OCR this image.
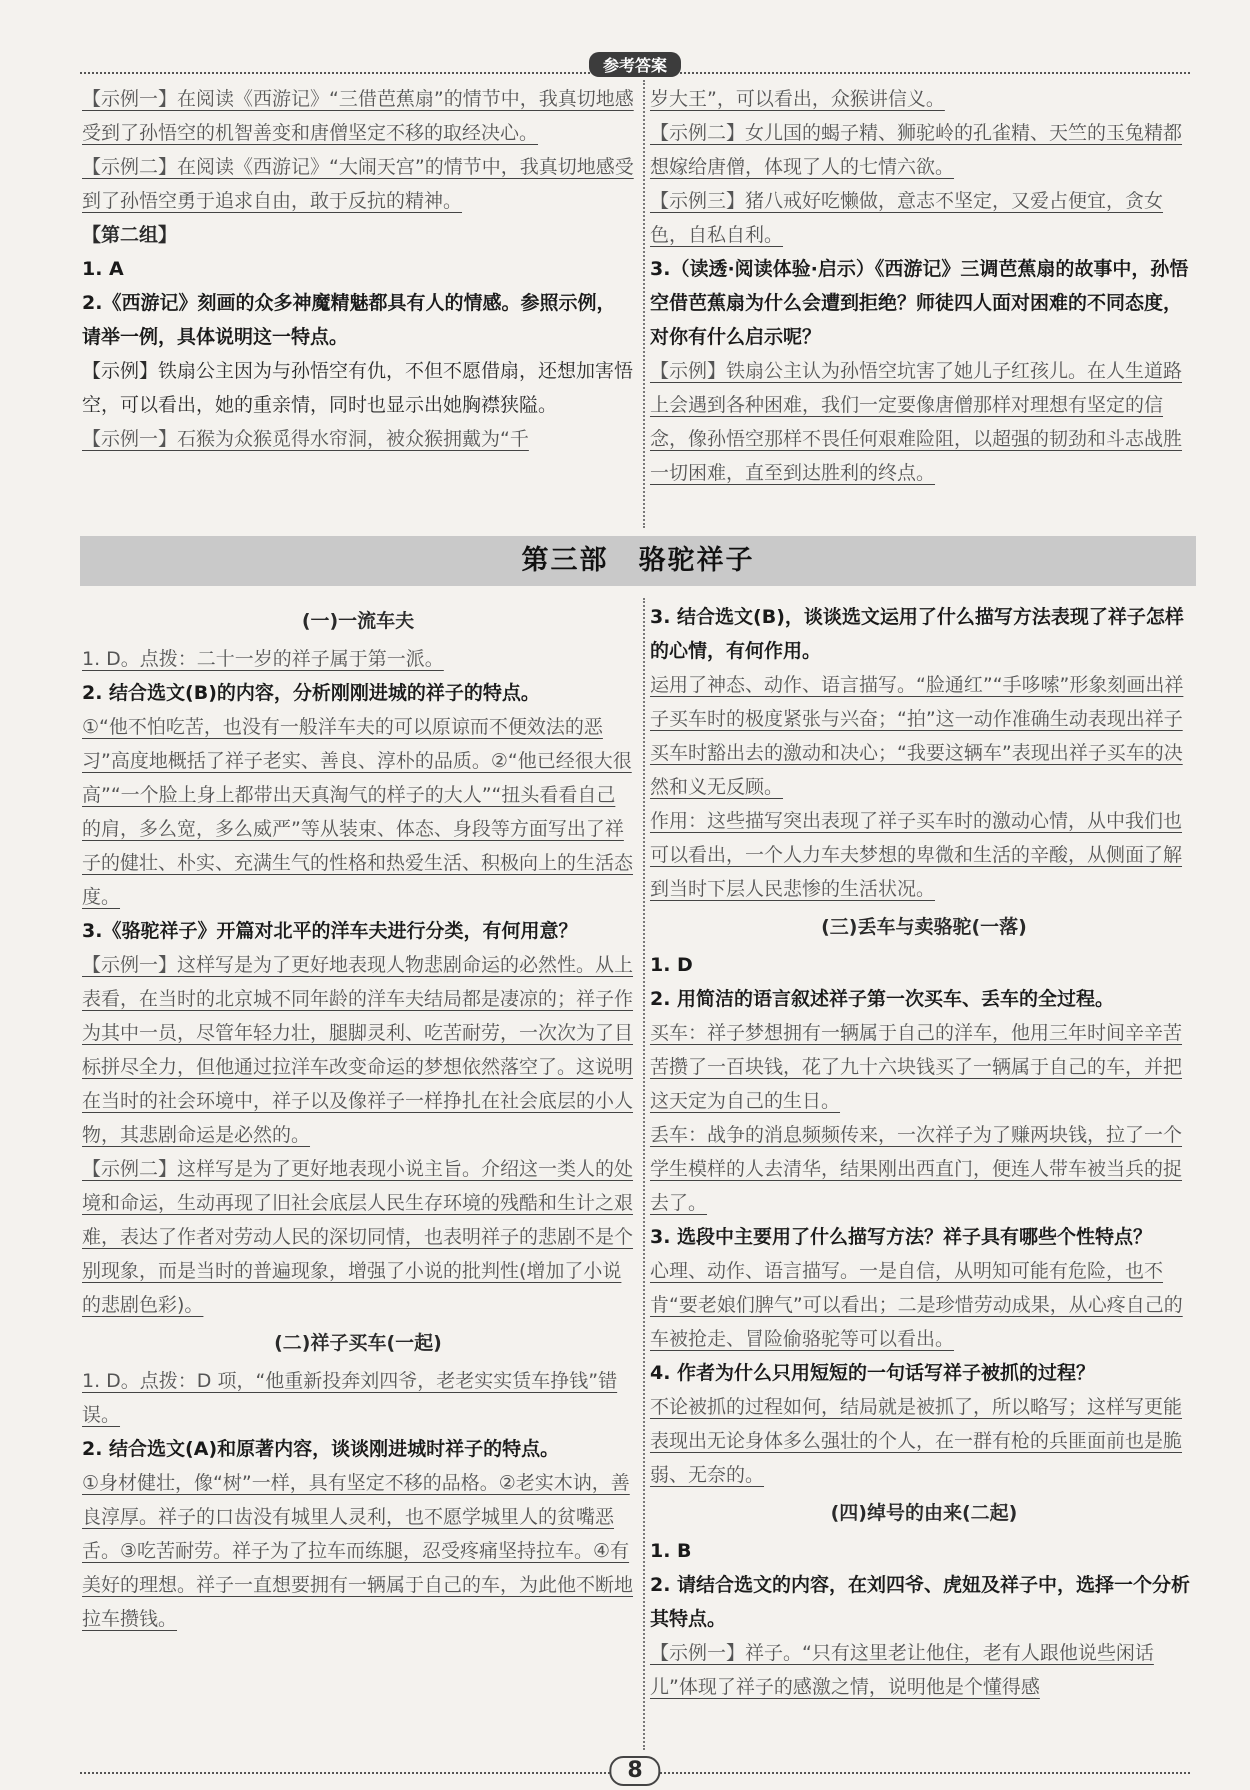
参考答案

【示例一】在阅读《西游记》“三借芭蕉扇”的情节中，我真切地感受到了孙悟空的机智善变和唐僧坚定不移的取经决心。

【示例二】在阅读《西游记》“大闹天宫”的情节中，我真切地感受到了孙悟空勇于追求自由，敢于反抗的精神。

【第二组】

1. A

2.《西游记》刻画的众多神魔精魅都具有人的情感。参照示例，请举一例，具体说明这一特点。

【示例】铁扇公主因为与孙悟空有仇，不但不愿借扇，还想加害悟空，可以看出，她的重亲情，同时也显示出她胸襟狭隘。

【示例一】石猴为众猴觅得水帘洞，被众猴拥戴为“千

岁大王”，可以看出，众猴讲信义。

【示例二】女儿国的蝎子精、狮驼岭的孔雀精、天竺的玉兔精都想嫁给唐僧，体现了人的七情六欲。

【示例三】猪八戒好吃懒做，意志不坚定，又爱占便宜，贪女色，自私自利。

3.（读透·阅读体验·启示）《西游记》三调芭蕉扇的故事中，孙悟空借芭蕉扇为什么会遭到拒绝？师徒四人面对困难的不同态度，对你有什么启示呢？

【示例】铁扇公主认为孙悟空坑害了她儿子红孩儿。在人生道路上会遇到各种困难，我们一定要像唐僧那样对理想有坚定的信念，像孙悟空那样不畏任何艰难险阻，以超强的韧劲和斗志战胜一切困难，直至到达胜利的终点。

第三部 骆驼祥子

(一)一流车夫

1. D。点拨：二十一岁的祥子属于第一派。

2. 结合选文(B)的内容，分析刚刚进城的祥子的特点。

①“他不怕吃苦，也没有一般洋车夫的可以原谅而不便效法的恶习”高度地概括了祥子老实、善良、淳朴的品质。②“他已经很大很高”“一个脸上身上都带出天真淘气的样子的大人”“扭头看看自己的肩，多么宽，多么威严”等从装束、体态、身段等方面写出了祥子的健壮、朴实、充满生气的性格和热爱生活、积极向上的生活态度。

3.《骆驼祥子》开篇对北平的洋车夫进行分类，有何用意？

【示例一】这样写是为了更好地表现人物悲剧命运的必然性。从上表看，在当时的北京城不同年龄的洋车夫结局都是凄凉的；祥子作为其中一员，尽管年轻力壮，腿脚灵利、吃苦耐劳，一次次为了目标拼尽全力，但他通过拉洋车改变命运的梦想依然落空了。这说明在当时的社会环境中，祥子以及像祥子一样挣扎在社会底层的小人物，其悲剧命运是必然的。

【示例二】这样写是为了更好地表现小说主旨。介绍这一类人的处境和命运，生动再现了旧社会底层人民生存环境的残酷和生计之艰难，表达了作者对劳动人民的深切同情，也表明祥子的悲剧不是个别现象，而是当时的普遍现象，增强了小说的批判性(增加了小说的悲剧色彩)。

(二)祥子买车(一起)

1. D。点拨：D 项，“他重新投奔刘四爷，老老实实赁车挣钱”错误。

2. 结合选文(A)和原著内容，谈谈刚进城时祥子的特点。

①身材健壮，像“树”一样，具有坚定不移的品格。②老实木讷，善良淳厚。祥子的口齿没有城里人灵利，也不愿学城里人的贫嘴恶舌。③吃苦耐劳。祥子为了拉车而练腿，忍受疼痛坚持拉车。④有美好的理想。祥子一直想要拥有一辆属于自己的车，为此他不断地拉车攒钱。

3. 结合选文(B)，谈谈选文运用了什么描写方法表现了祥子怎样的心情，有何作用。

运用了神态、动作、语言描写。“脸通红”“手哆嗦”形象刻画出祥子买车时的极度紧张与兴奋；“拍”这一动作准确生动表现出祥子买车时豁出去的激动和决心；“我要这辆车”表现出祥子买车的决然和义无反顾。

作用：这些描写突出表现了祥子买车时的激动心情，从中我们也可以看出，一个人力车夫梦想的卑微和生活的辛酸，从侧面了解到当时下层人民悲惨的生活状况。

(三)丢车与卖骆驼(一落)

1. D

2. 用简洁的语言叙述祥子第一次买车、丢车的全过程。

买车：祥子梦想拥有一辆属于自己的洋车，他用三年时间辛辛苦苦攒了一百块钱，花了九十六块钱买了一辆属于自己的车，并把这天定为自己的生日。

丢车：战争的消息频频传来，一次祥子为了赚两块钱，拉了一个学生模样的人去清华，结果刚出西直门，便连人带车被当兵的捉去了。

3. 选段中主要用了什么描写方法？祥子具有哪些个性特点？

心理、动作、语言描写。一是自信，从明知可能有危险，也不肯“要老娘们脾气”可以看出；二是珍惜劳动成果，从心疼自己的车被抢走、冒险偷骆驼等可以看出。

4. 作者为什么只用短短的一句话写祥子被抓的过程？

不论被抓的过程如何，结局就是被抓了，所以略写；这样写更能表现出无论身体多么强壮的个人，在一群有枪的兵匪面前也是脆弱、无奈的。

(四)绰号的由来(二起)

1. B

2. 请结合选文的内容，在刘四爷、虎妞及祥子中，选择一个分析其特点。

【示例一】祥子。“只有这里老让他住，老有人跟他说些闲话儿”体现了祥子的感激之情，说明他是个懂得感

8
